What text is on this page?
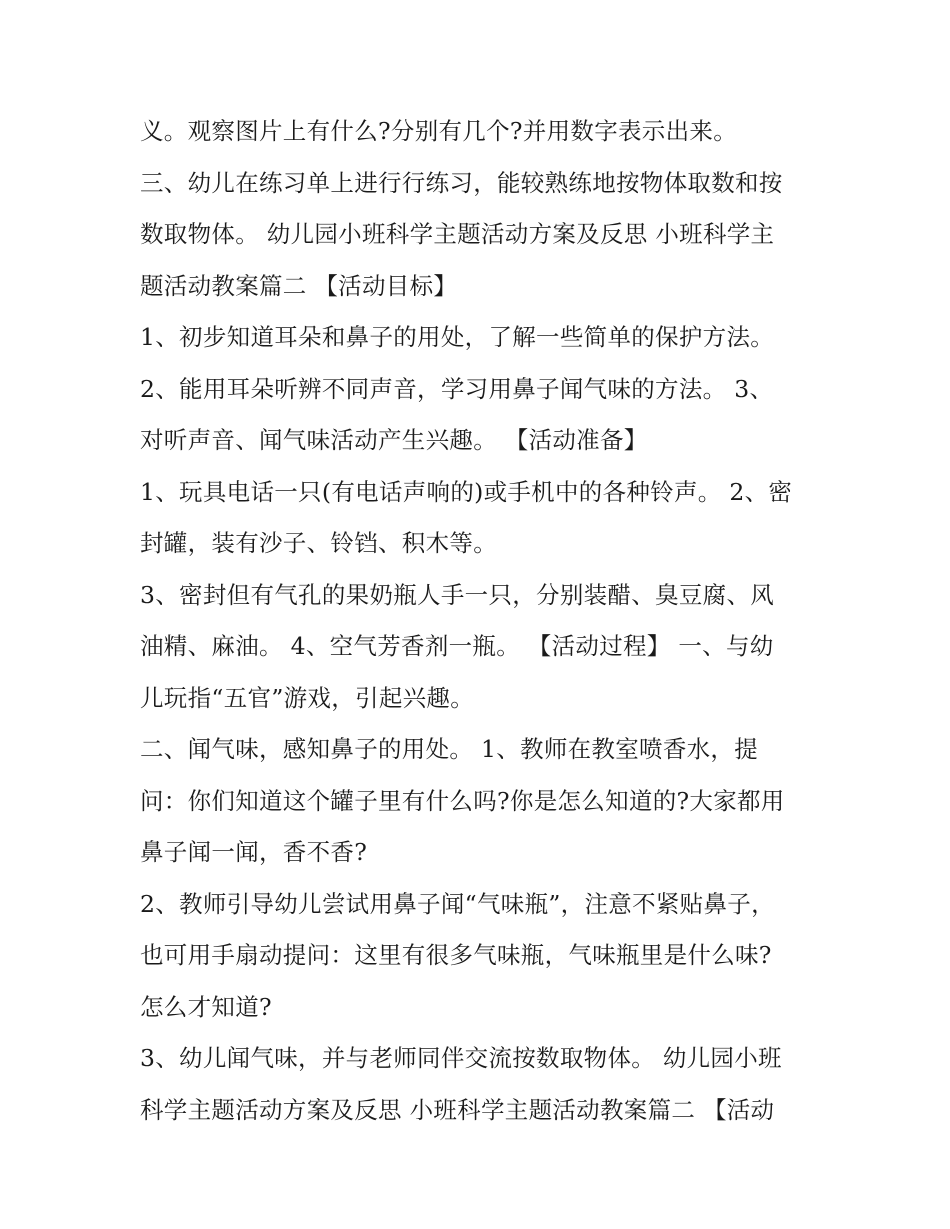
义。观察图片上有什么?分别有几个?并用数字表示出来。
三、幼儿在练习单上进行行练习，能较熟练地按物体取数和按
数取物体。 幼儿园小班科学主题活动方案及反思 小班科学主
题活动教案篇二 【活动目标】
1、初步知道耳朵和鼻子的用处，了解一些简单的保护方法。
2、能用耳朵听辨不同声音，学习用鼻子闻气味的方法。 3、
对听声音、闻气味活动产生兴趣。 【活动准备】
1、玩具电话一只(有电话声响的)或手机中的各种铃声。 2、密
封罐，装有沙子、铃铛、积木等。
3、密封但有气孔的果奶瓶人手一只，分别装醋、臭豆腐、风
油精、麻油。 4、空气芳香剂一瓶。 【活动过程】 一、与幼
儿玩指“五官”游戏，引起兴趣。
二、闻气味，感知鼻子的用处。 1、教师在教室喷香水，提
问：你们知道这个罐子里有什么吗?你是怎么知道的?大家都用
鼻子闻一闻，香不香?
2、教师引导幼儿尝试用鼻子闻“气味瓶”，注意不紧贴鼻子，
也可用手扇动提问：这里有很多气味瓶，气味瓶里是什么味?
怎么才知道?
3、幼儿闻气味，并与老师同伴交流按数取物体。 幼儿园小班
科学主题活动方案及反思 小班科学主题活动教案篇二 【活动
